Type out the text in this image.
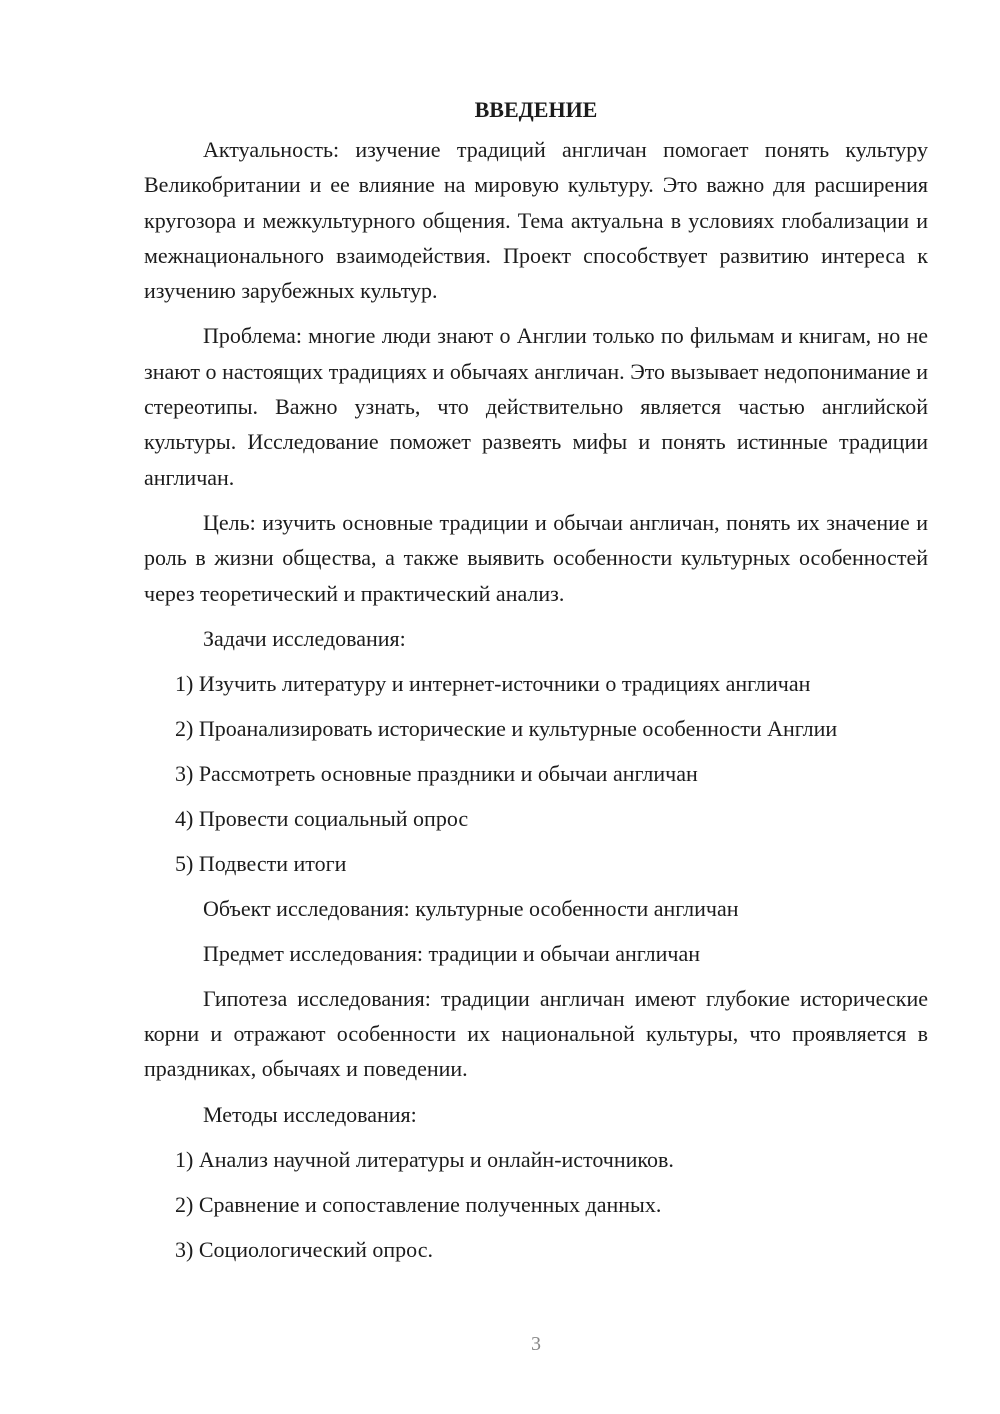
ВВЕДЕНИЕ

Актуальность: изучение традиций англичан помогает понять культуру Великобритании и ее влияние на мировую культуру. Это важно для расширения кругозора и межкультурного общения. Тема актуальна в условиях глобализации и межнационального взаимодействия. Проект способствует развитию интереса к изучению зарубежных культур.

Проблема: многие люди знают о Англии только по фильмам и книгам, но не знают о настоящих традициях и обычаях англичан. Это вызывает недопонимание и стереотипы. Важно узнать, что действительно является частью английской культуры. Исследование поможет развеять мифы и понять истинные традиции англичан.

Цель: изучить основные традиции и обычаи англичан, понять их значение и роль в жизни общества, а также выявить особенности культурных особенностей через теоретический и практический анализ.

Задачи исследования:
1) Изучить литературу и интернет-источники о традициях англичан
2) Проанализировать исторические и культурные особенности Англии
3) Рассмотреть основные праздники и обычаи англичан
4) Провести социальный опрос
5) Подвести итоги
Объект исследования: культурные особенности англичан
Предмет исследования: традиции и обычаи англичан

Гипотеза исследования: традиции англичан имеют глубокие исторические корни и отражают особенности их национальной культуры, что проявляется в праздниках, обычаях и поведении.

Методы исследования:
1) Анализ научной литературы и онлайн-источников.
2) Сравнение и сопоставление полученных данных.
3) Социологический опрос.
3
